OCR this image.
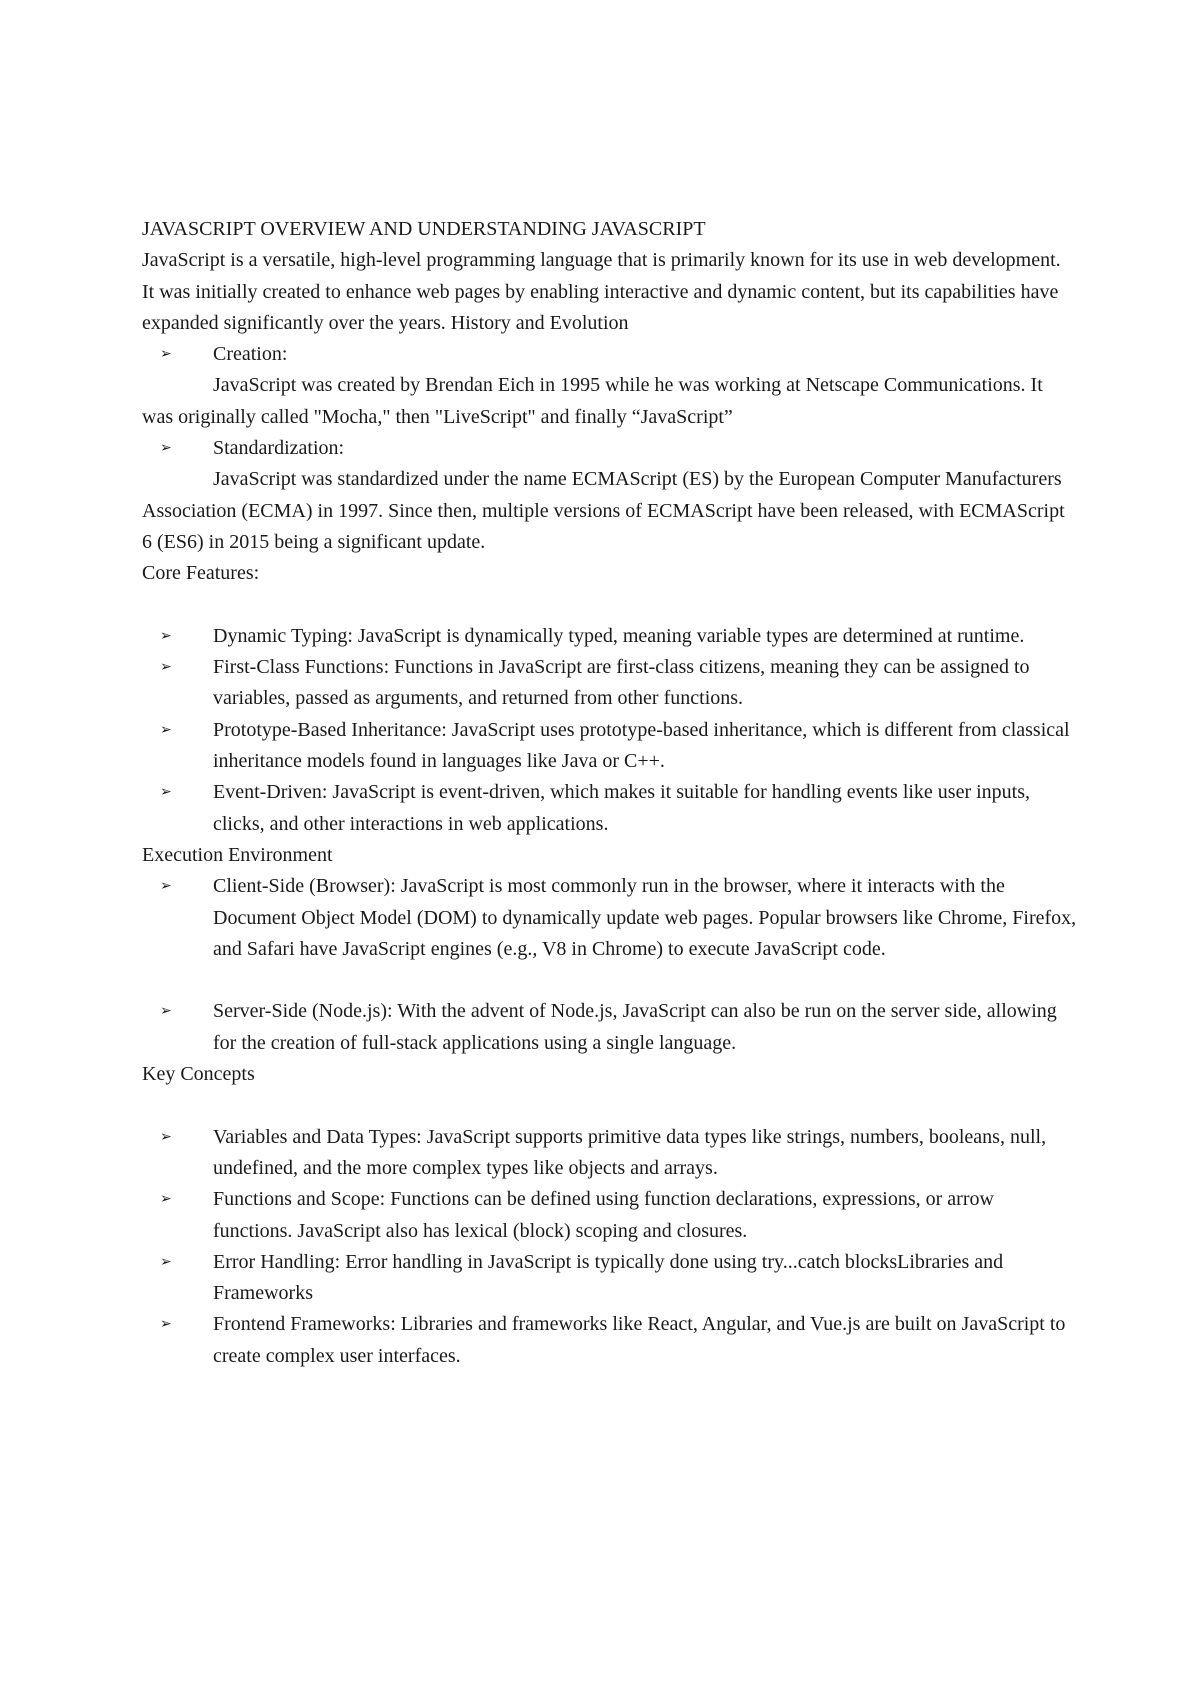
JAVASCRIPT OVERVIEW AND UNDERSTANDING JAVASCRIPT

JavaScript is a versatile, high-level programming language that is primarily known for its use in web development. It was initially created to enhance web pages by enabling interactive and dynamic content, but its capabilities have expanded significantly over the years. History and Evolution

➢ Creation:

JavaScript was created by Brendan Eich in 1995 while he was working at Netscape Communications. It was originally called "Mocha," then "LiveScript" and finally “JavaScript”

➢ Standardization:

JavaScript was standardized under the name ECMAScript (ES) by the European Computer Manufacturers Association (ECMA) in 1997. Since then, multiple versions of ECMAScript have been released, with ECMAScript 6 (ES6) in 2015 being a significant update.

Core Features:

➢ Dynamic Typing: JavaScript is dynamically typed, meaning variable types are determined at runtime.
➢ First-Class Functions: Functions in JavaScript are first-class citizens, meaning they can be assigned to variables, passed as arguments, and returned from other functions.
➢ Prototype-Based Inheritance: JavaScript uses prototype-based inheritance, which is different from classical inheritance models found in languages like Java or C++.
➢ Event-Driven: JavaScript is event-driven, which makes it suitable for handling events like user inputs, clicks, and other interactions in web applications.

Execution Environment

➢ Client-Side (Browser): JavaScript is most commonly run in the browser, where it interacts with the Document Object Model (DOM) to dynamically update web pages. Popular browsers like Chrome, Firefox, and Safari have JavaScript engines (e.g., V8 in Chrome) to execute JavaScript code.
➢ Server-Side (Node.js): With the advent of Node.js, JavaScript can also be run on the server side, allowing for the creation of full-stack applications using a single language.

Key Concepts

➢ Variables and Data Types: JavaScript supports primitive data types like strings, numbers, booleans, null, undefined, and the more complex types like objects and arrays.
➢ Functions and Scope: Functions can be defined using function declarations, expressions, or arrow functions. JavaScript also has lexical (block) scoping and closures.
➢ Error Handling: Error handling in JavaScript is typically done using try...catch blocksLibraries and Frameworks
➢ Frontend Frameworks: Libraries and frameworks like React, Angular, and Vue.js are built on JavaScript to create complex user interfaces.
